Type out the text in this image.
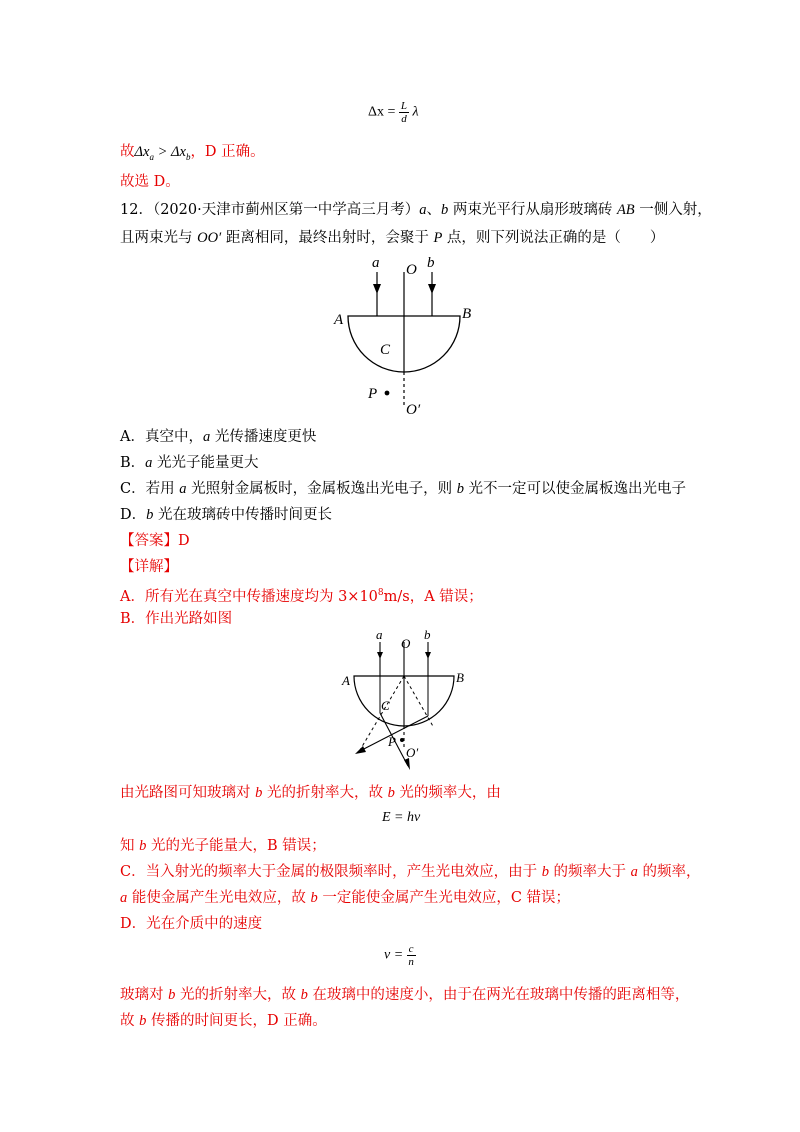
$\Delta x = \frac{L}{d}$ λ
故$\Delta x_a > \Delta x_b$，D 正确。
故选 D。
12．（2020·天津市蓟州区第一中学高三月考）a、b 两束光平行从扇形玻璃砖 AB 一侧入射，
且两束光与 OO′ 距离相同，最终出射时，会聚于 P 点，则下列说法正确的是（　　）
a O b
A	B
C
P
O′
A．真空中，a 光传播速度更快
B．a 光光子能量更大
C．若用 a 光照射金属板时，金属板逸出光电子，则 b 光不一定可以使金属板逸出光电子
D．b 光在玻璃砖中传播时间更长
【答案】D
【详解】
A．所有光在真空中传播速度均为 $3\times 10^8m/s$，A 错误；
B．作出光路如图
a
O
b
A	B
C
P
O′
由光路图可知玻璃对 b 光的折射率大，故 b 光的频率大，由
E = hν
知 b 光的光子能量大，B 错误；
C．当入射光的频率大于金属的极限频率时，产生光电效应，由于 b 的频率大于 a 的频率，
a 能使金属产生光电效应，故 b 一定能使金属产生光电效应，C 错误；
D．光在介质中的速度
$v = \frac{c}{n}$
玻璃对 b 光的折射率大，故 b 在玻璃中的速度小，由于在两光在玻璃中传播的距离相等，
故 b 传播的时间更长，D 正确。
